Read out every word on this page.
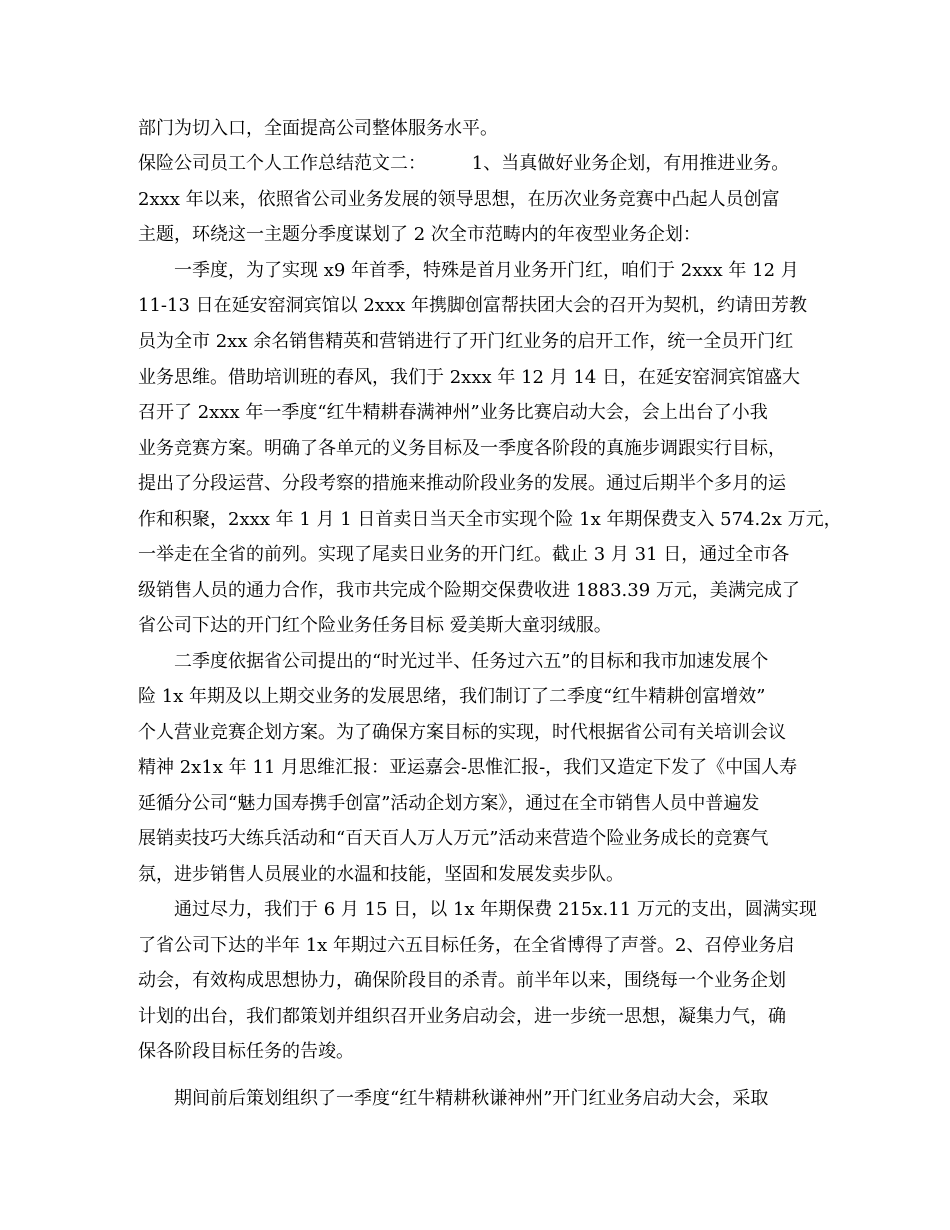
部门为切入口，全面提高公司整体服务水平。

保险公司员工个人工作总结范文二：        1、当真做好业务企划，有用推进业务。

2xxx 年以来，依照省公司业务发展的领导思想，在历次业务竞赛中凸起人员创富

主题，环绕这一主题分季度谋划了 2 次全市范畴内的年夜型业务企划：

一季度，为了实现 x9 年首季，特殊是首月业务开门红，咱们于 2xxx 年 12 月

11-13 日在延安窑洞宾馆以 2xxx 年携脚创富帮扶团大会的召开为契机，约请田芳教

员为全市 2xx 余名销售精英和营销进行了开门红业务的启开工作，统一全员开门红

业务思维。借助培训班的春风，我们于 2xxx 年 12 月 14 日，在延安窑洞宾馆盛大

召开了 2xxx 年一季度“红牛精耕春满神州”业务比赛启动大会，会上出台了小我

业务竞赛方案。明确了各单元的义务目标及一季度各阶段的真施步调跟实行目标，

提出了分段运营、分段考察的措施来推动阶段业务的发展。通过后期半个多月的运

作和积聚，2xxx 年 1 月 1 日首卖日当天全市实现个险 1x 年期保费支入 574.2x 万元，

一举走在全省的前列。实现了尾卖日业务的开门红。截止 3 月 31 日，通过全市各

级销售人员的通力合作，我市共完成个险期交保费收进 1883.39 万元，美满完成了

省公司下达的开门红个险业务任务目标 爱美斯大童羽绒服。

二季度依据省公司提出的“时光过半、任务过六五”的目标和我市加速发展个

险 1x 年期及以上期交业务的发展思绪，我们制订了二季度“红牛精耕创富增效”

个人营业竞赛企划方案。为了确保方案目标的实现，时代根据省公司有关培训会议

精神 2x1x 年 11 月思维汇报：亚运嘉会-思惟汇报-，我们又造定下发了《中国人寿

延循分公司“魅力国寿携手创富”活动企划方案》，通过在全市销售人员中普遍发

展销卖技巧大练兵活动和“百天百人万人万元”活动来营造个险业务成长的竞赛气

氛，进步销售人员展业的水温和技能，坚固和发展发卖步队。

通过尽力，我们于 6 月 15 日，以 1x 年期保费 215x.11 万元的支出，圆满实现

了省公司下达的半年 1x 年期过六五目标任务，在全省博得了声誉。2、召停业务启

动会，有效构成思想协力，确保阶段目的杀青。前半年以来，围绕每一个业务企划

计划的出台，我们都策划并组织召开业务启动会，进一步统一思想，凝集力气，确

保各阶段目标任务的告竣。

期间前后策划组织了一季度“红牛精耕秋谦神州”开门红业务启动大会，采取
